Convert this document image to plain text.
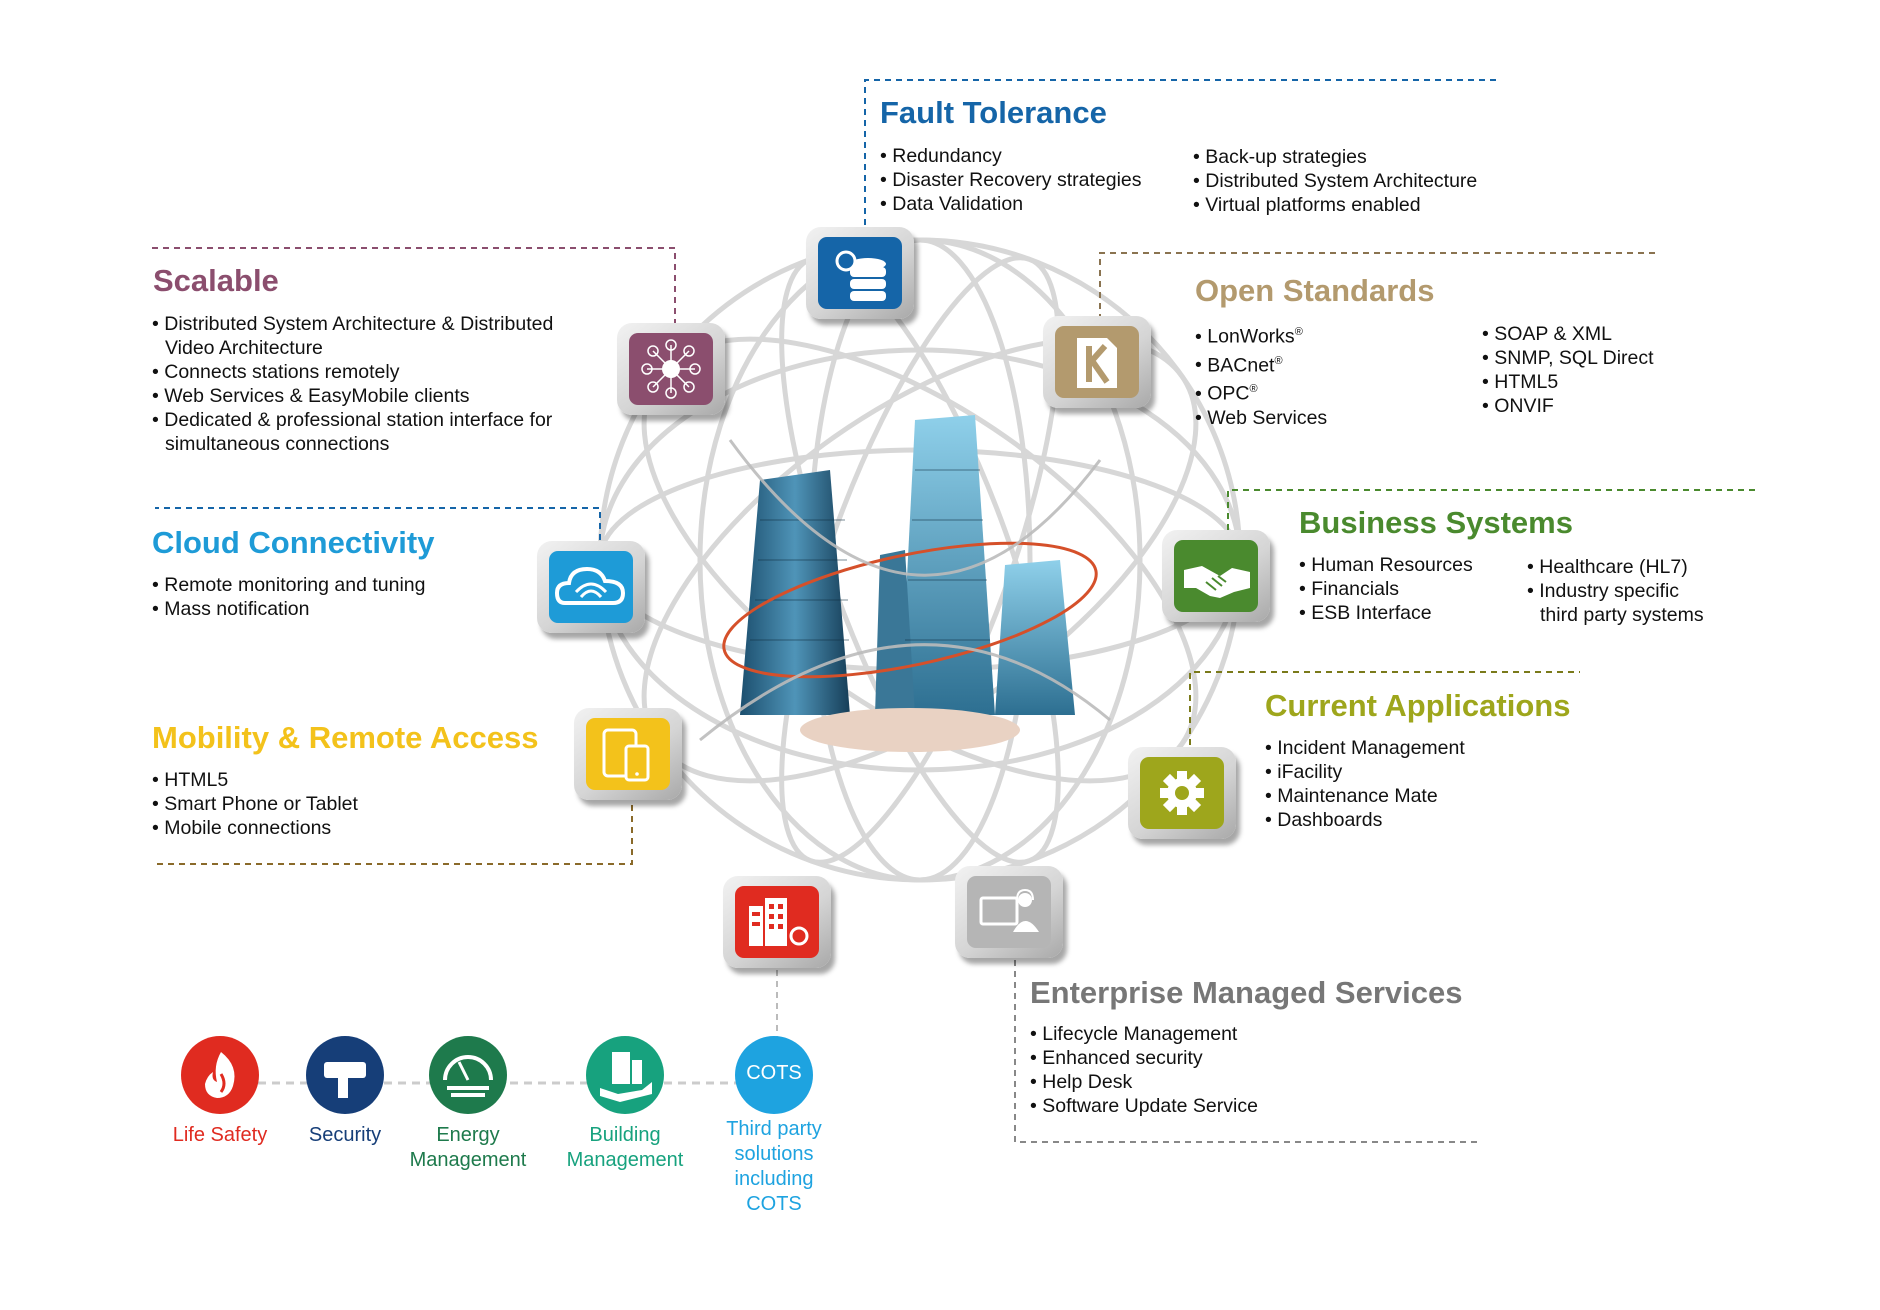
Fault Tolerance
• Redundancy
• Disaster Recovery strategies
• Data Validation
• Back-up strategies
• Distributed System Architecture
• Virtual platforms enabled
Scalable
• Distributed System Architecture & Distributed Video Architecture
• Connects stations remotely
• Web Services & EasyMobile clients
• Dedicated & professional station interface for simultaneous connections
Open Standards
• LonWorks®
• BACnet®
• OPC®
• Web Services
• SOAP & XML
• SNMP, SQL Direct
• HTML5
• ONVIF
Cloud Connectivity
• Remote monitoring and tuning
• Mass notification
Business Systems
• Human Resources
• Financials
• ESB Interface
• Healthcare (HL7)
• Industry specific third party systems
Mobility & Remote Access
• HTML5
• Smart Phone or Tablet
• Mobile connections
Current Applications
• Incident Management
• iFacility
• Maintenance Mate
• Dashboards
Enterprise Managed Services
• Lifecycle Management
• Enhanced security
• Help Desk
• Software Update Service
COTS
Life Safety	Security	Energy Management
Building Management
Third party solutions including COTS
